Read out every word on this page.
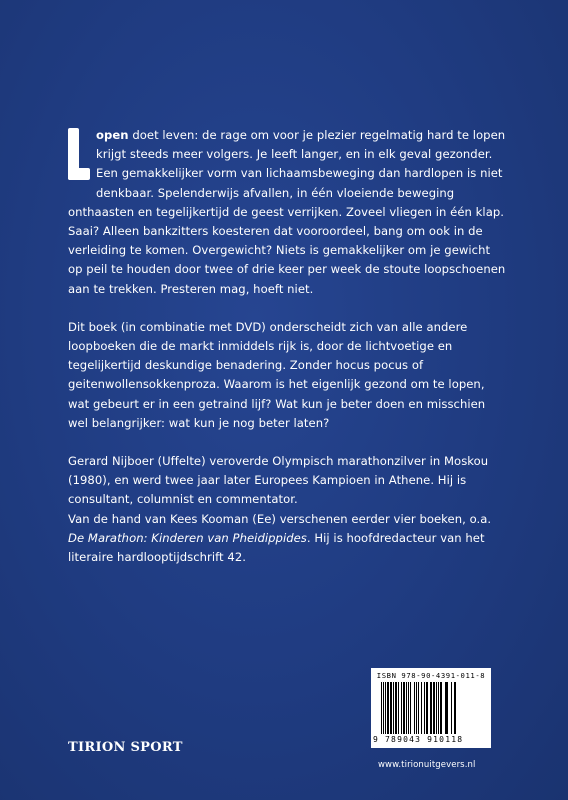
open doet leven: de rage om voor je plezier regelmatig hard te lopen krijgt steeds meer volgers. Je leeft langer, en in elk geval gezonder. Een gemakkelijker vorm van lichaamsbeweging dan hardlopen is niet denkbaar. Spelenderwijs afvallen, in één vloeiende beweging onthaasten en tegelijkertijd de geest verrijken. Zoveel vliegen in één klap. Saai? Alleen bankzitters koesteren dat vooroordeel, bang om ook in de verleiding te komen. Overgewicht? Niets is gemakkelijker om je gewicht op peil te houden door twee of drie keer per week de stoute loopschoenen aan te trekken. Presteren mag, hoeft niet.

Dit boek (in combinatie met DVD) onderscheidt zich van alle andere loopboeken die de markt inmiddels rijk is, door de lichtvoetige en tegelijkertijd deskundige benadering. Zonder hocus pocus of geitenwollensokkenproza. Waarom is het eigenlijk gezond om te lopen, wat gebeurt er in een getraind lijf? Wat kun je beter doen en misschien wel belangrijker: wat kun je nog beter laten?

Gerard Nijboer (Uffelte) veroverde Olympisch marathonzilver in Moskou (1980), en werd twee jaar later Europees Kampioen in Athene. Hij is consultant, columnist en commentator.
Van de hand van Kees Kooman (Ee) verschenen eerder vier boeken, o.a. De Marathon: Kinderen van Pheidippides. Hij is hoofdredacteur van het literaire hardlooptijdschrift 42.

ISBN 978-90-4391-011-8
9 789043 910118
TIRION SPORT
www.tirionuitgevers.nl
